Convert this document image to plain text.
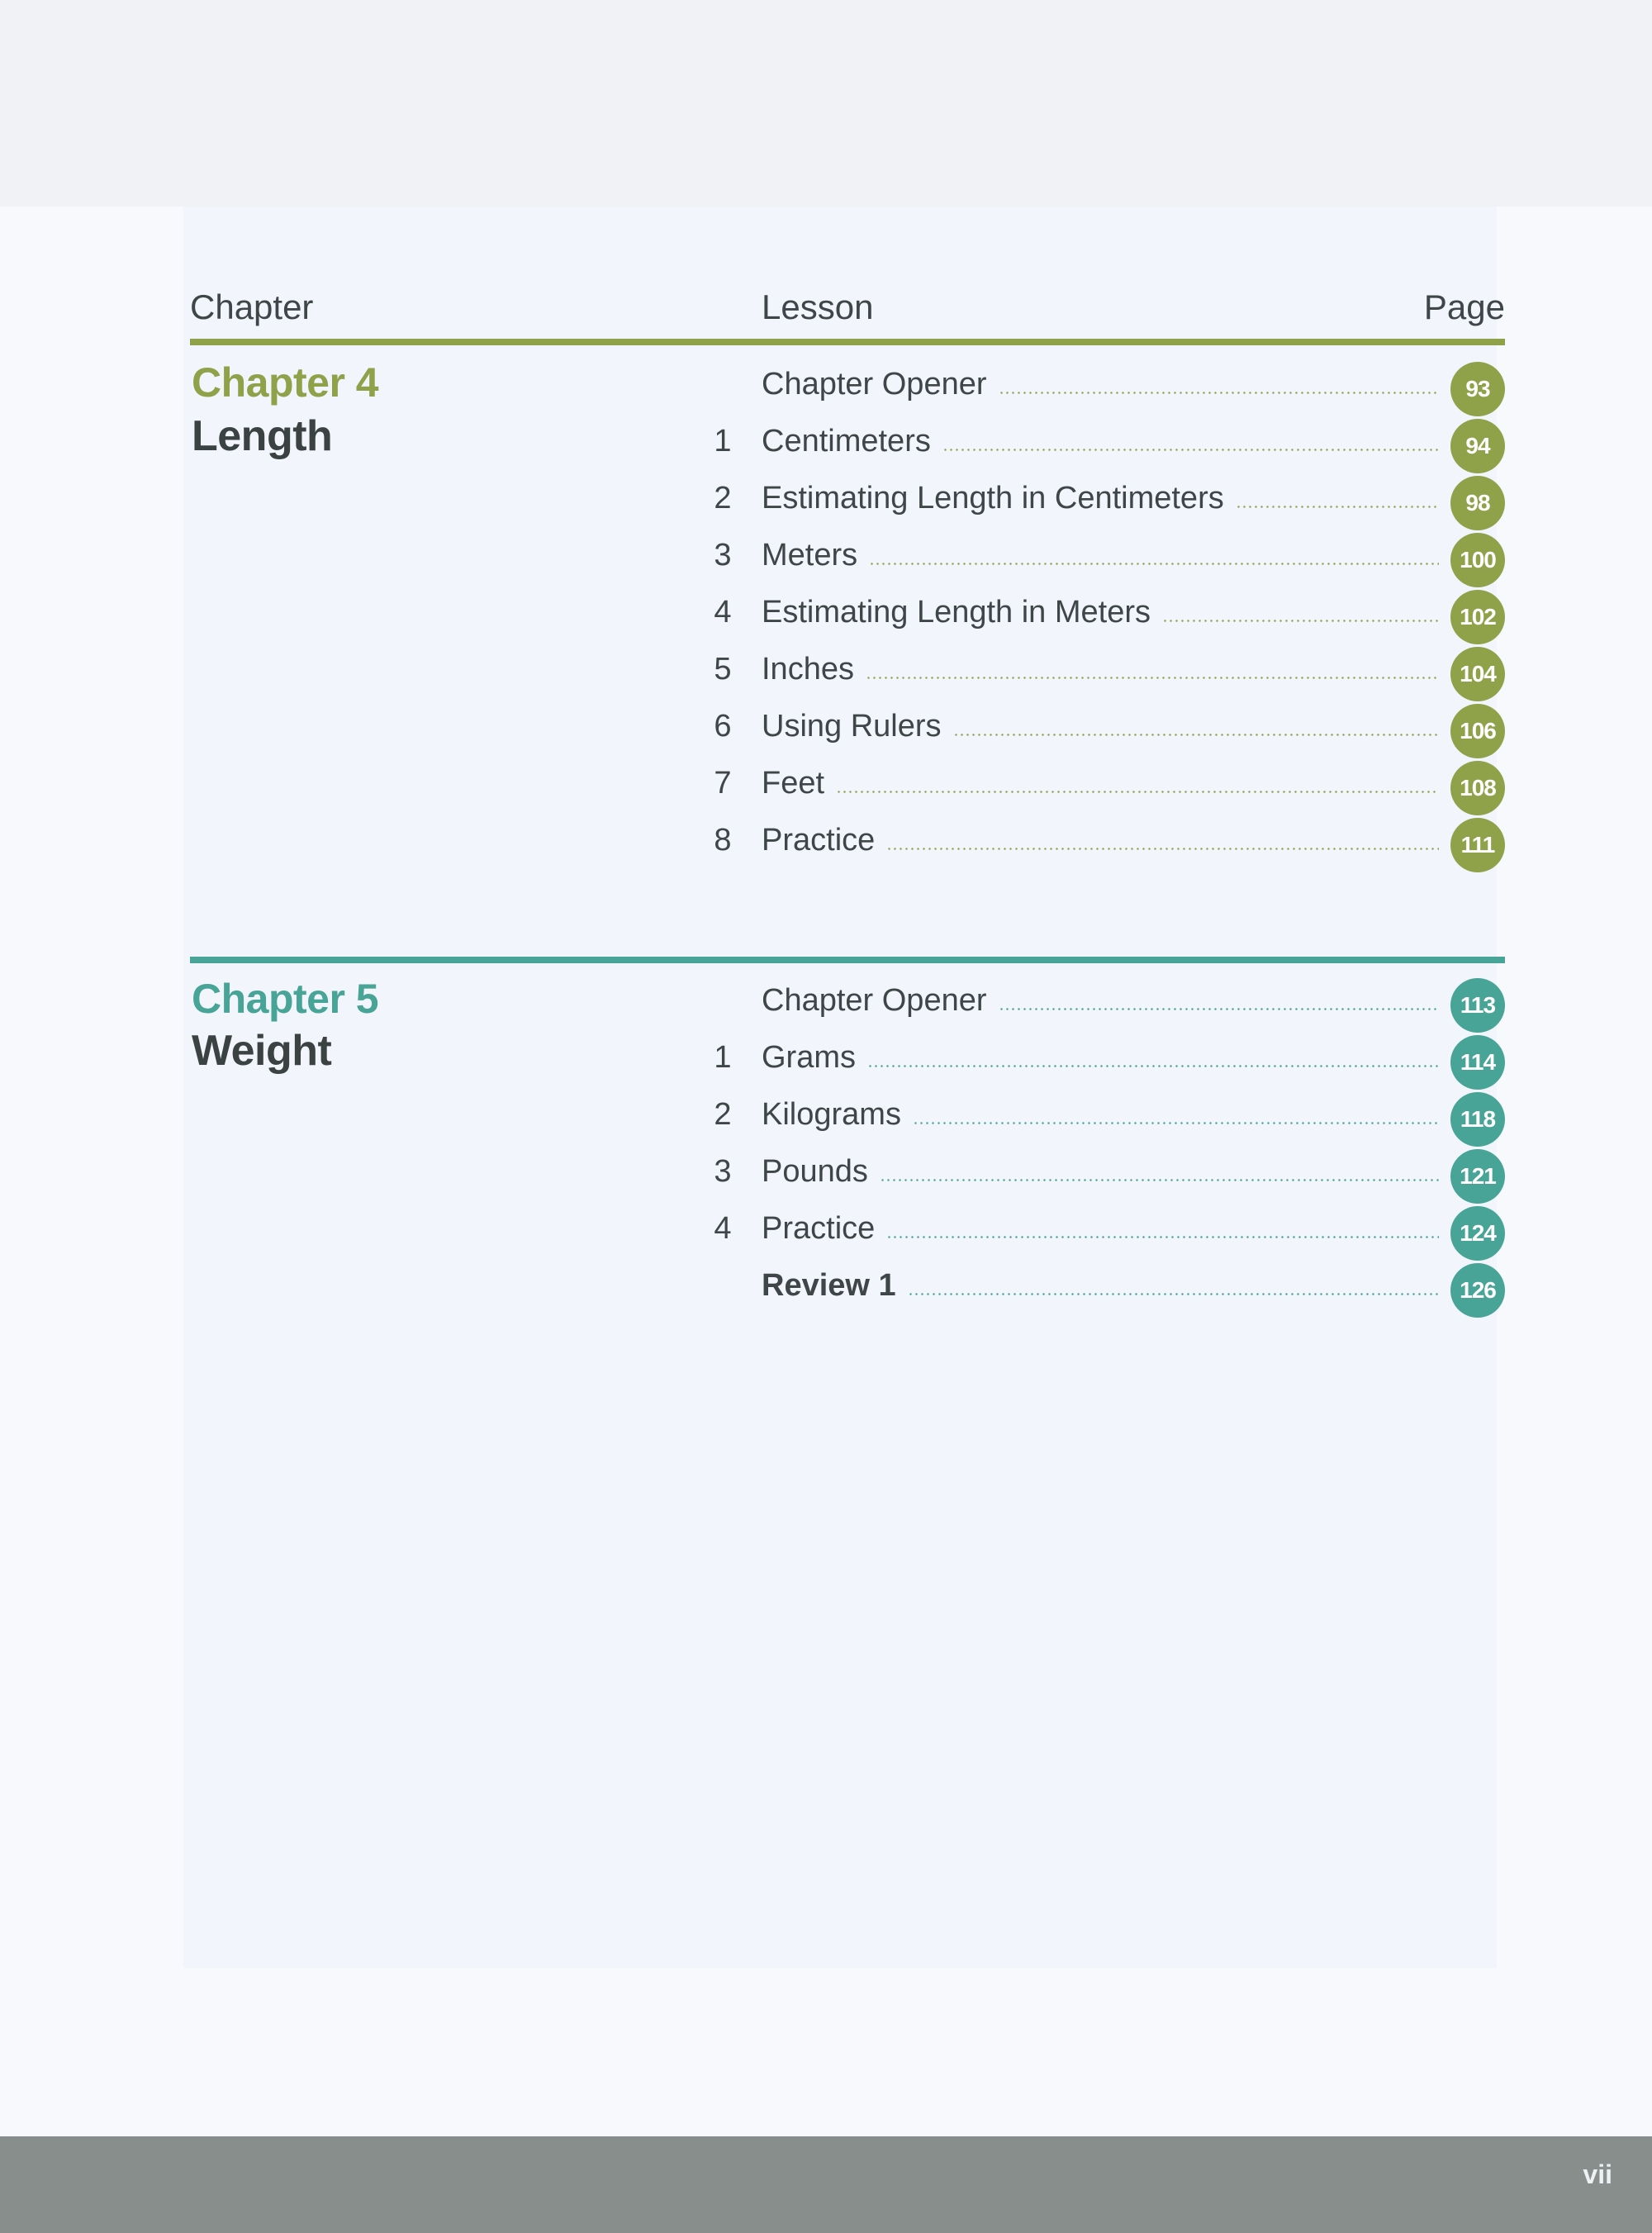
Chapter	Lesson	Page
Chapter 4
Length
Chapter Opener	93
1 Centimeters	94
2 Estimating Length in Centimeters	98
3 Meters	100
4 Estimating Length in Meters	102
5 Inches	104
6 Using Rulers	106
7 Feet	108
8 Practice	111
Chapter 5
Weight
Chapter Opener	113
1 Grams	114
2 Kilograms	118
3 Pounds	121
4 Practice	124
Review 1	126
vii
